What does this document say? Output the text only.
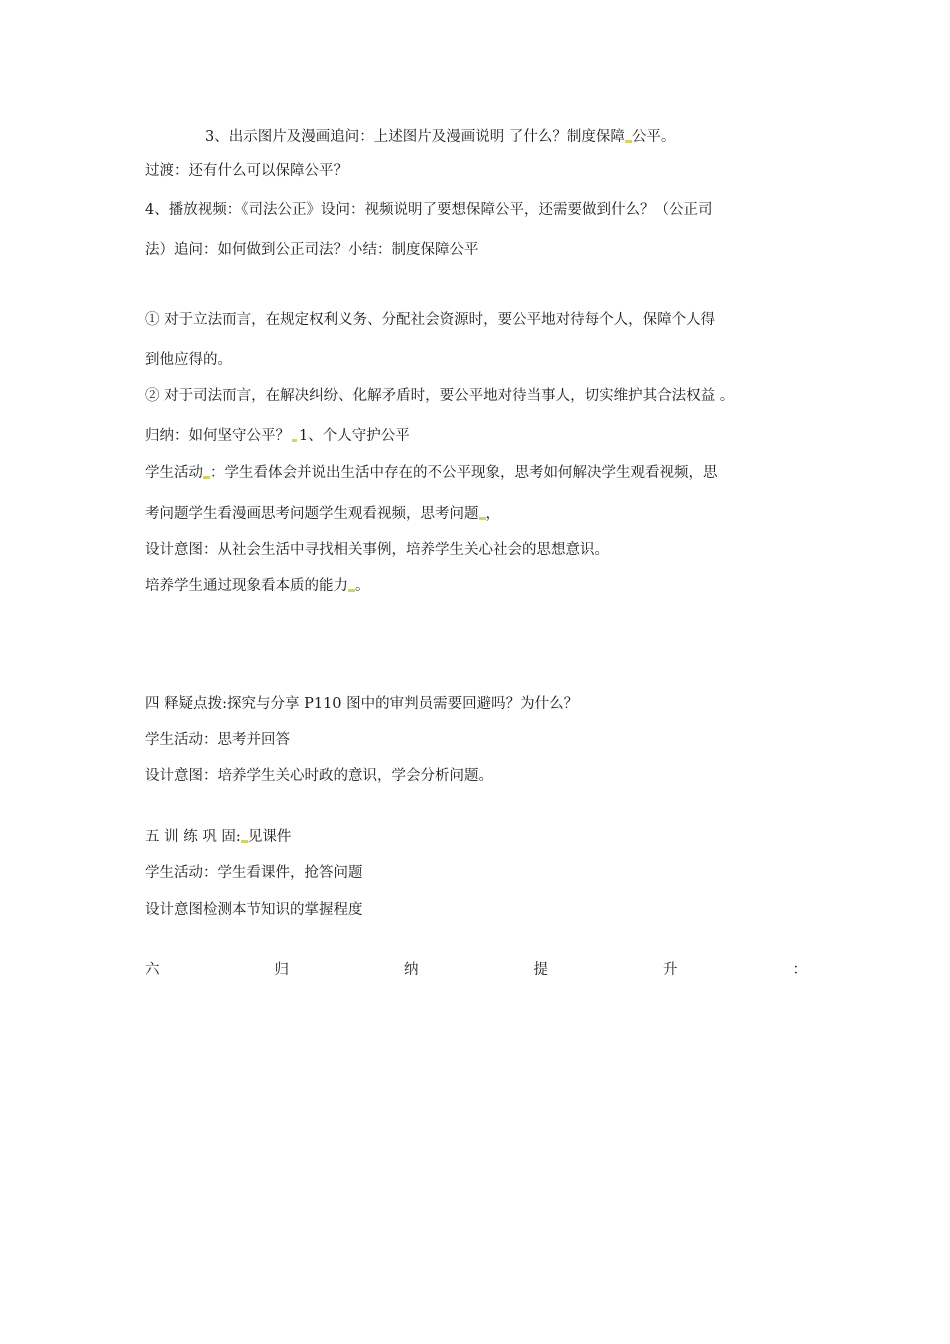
3、出示图片及漫画追问：上述图片及漫画说明 了什么？制度保障 公平。
过渡：还有什么可以保障公平？
4、播放视频：《司法公正》设问：视频说明了要想保障公平，还需要做到什么？（公正司
法）追问：如何做到公正司法？小结：制度保障公平
① 对于立法而言，在规定权利义务、分配社会资源时，要公平地对待每个人，保障个人得
到他应得的。
② 对于司法而言，在解决纠纷、化解矛盾时，要公平地对待当事人，切实维护其合法权益 。
归纳：如何坚守公平？ 1、个人守护公平
学生活动 ：学生看体会并说出生活中存在的不公平现象，思考如何解决学生观看视频，思
考问题学生看漫画思考问题学生观看视频，思考问题 ，
设计意图：从社会生活中寻找相关事例，培养学生关心社会的思想意识。
培养学生通过现象看本质的能力 。
四 释疑点拨:探究与分享 P110 图中的审判员需要回避吗？为什么？
学生活动：思考并回答
设计意图：培养学生关心时政的意识，学会分析问题。
五 训 练 巩 固: 见课件
学生活动：学生看课件，抢答问题
设计意图检测本节知识的掌握程度
六	归	纳	提	升	：
